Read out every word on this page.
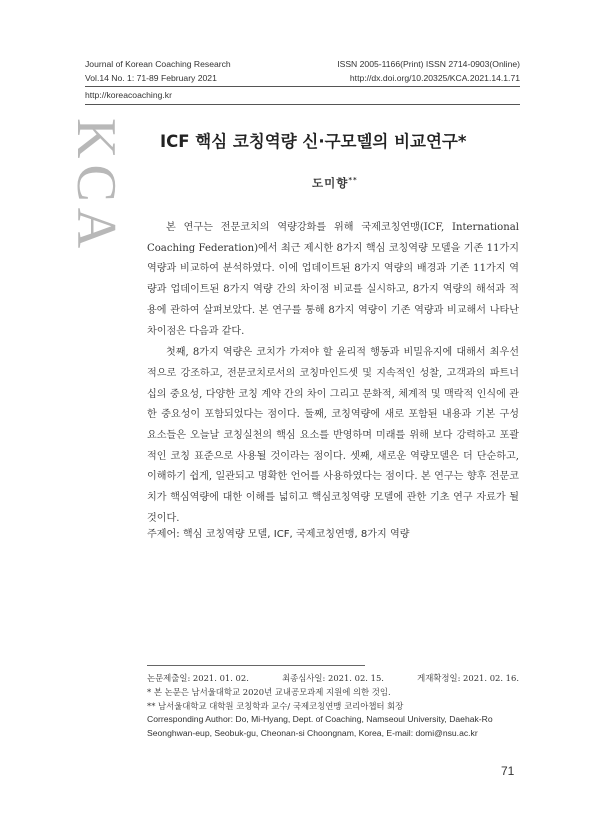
Journal of Korean Coaching Research
Vol.14 No. 1: 71-89 February 2021
ISSN 2005-1166(Print) ISSN 2714-0903(Online)
http://dx.doi.org/10.20325/KCA.2021.14.1.71
http://koreacoaching.kr
KCA ICF 핵심 코칭역량 신·구모델의 비교연구*
도미향**

본 연구는 전문코치의 역량강화를 위해 국제코칭연맹(ICF, International Coaching Federation)에서 최근 제시한 8가지 핵심 코칭역량 모델을 기존 11가지 역량과 비교하여 분석하였다. 이에 업데이트된 8가지 역량의 배경과 기존 11가지 역량과 업데이트된 8가지 역량 간의 차이점 비교를 실시하고, 8가지 역량의 해석과 적용에 관하여 살펴보았다. 본 연구를 통해 8가지 역량이 기존 역량과 비교해서 나타난 차이점은 다음과 같다.

첫째, 8가지 역량은 코치가 가져야 할 윤리적 행동과 비밀유지에 대해서 최우선적으로 강조하고, 전문코치로서의 코칭마인드셋 및 지속적인 성찰, 고객과의 파트너십의 중요성, 다양한 코칭 계약 간의 차이 그리고 문화적, 체계적 및 맥락적 인식에 관한 중요성이 포함되었다는 점이다. 둘째, 코칭역량에 새로 포함된 내용과 기본 구성 요소들은 오늘날 코칭실천의 핵심 요소를 반영하며 미래를 위해 보다 강력하고 포괄적인 코칭 표준으로 사용될 것이라는 점이다. 셋째, 새로운 역량모델은 더 단순하고, 이해하기 쉽게, 일관되고 명확한 언어를 사용하였다는 점이다. 본 연구는 향후 전문코치가 핵심역량에 대한 이해를 넓히고 핵심코칭역량 모델에 관한 기초 연구 자료가 될 것이다.

주제어: 핵심 코칭역량 모델, ICF, 국제코칭연맹, 8가지 역량
논문제출일: 2021. 01. 02.	최종심사일: 2021. 02. 15.	게재확정일: 2021. 02. 16.
* 본 논문은 남서울대학교 2020년 교내공모과제 지원에 의한 것임.
** 남서울대학교 대학원 코칭학과 교수/ 국제코칭연맹 코리아챕터 회장
Corresponding Author: Do, Mi-Hyang, Dept. of Coaching, Namseoul University, Daehak-Ro
Seonghwan-eup, Seobuk-gu, Cheonan-si Choongnam, Korea, E-mail: domi@nsu.ac.kr
71
